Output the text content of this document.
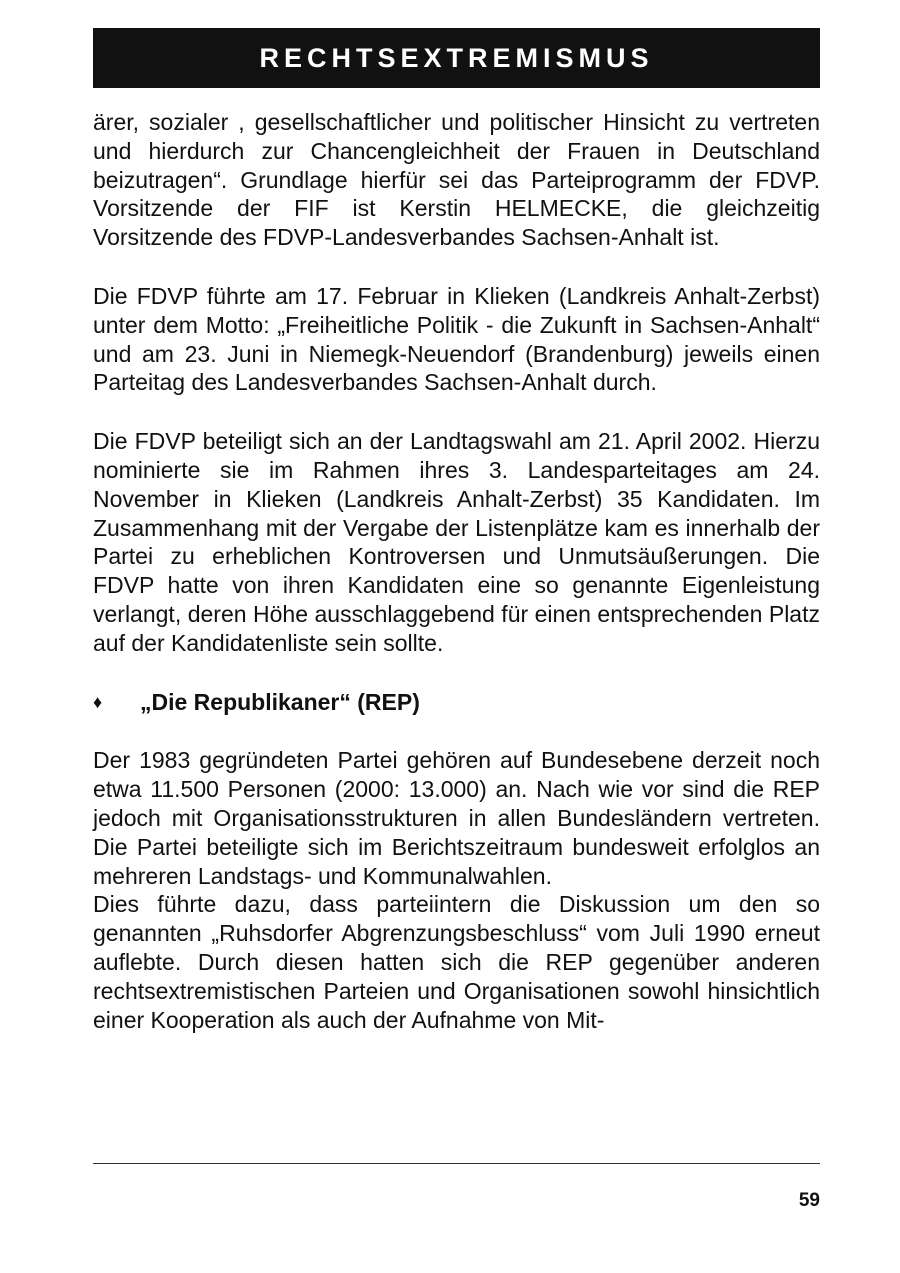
RECHTSEXTREMISMUS

ärer, sozialer , gesellschaftlicher und politischer Hinsicht zu vertreten und hierdurch zur Chancengleichheit der Frauen in Deutschland beizutragen“. Grundlage hierfür sei das Parteiprogramm der FDVP. Vorsitzende der FIF ist Kerstin HELMECKE, die gleichzeitig Vorsitzende des FDVP-Landesverbandes Sachsen-Anhalt ist.

Die FDVP führte am 17. Februar in Klieken (Landkreis Anhalt-Zerbst) unter dem Motto: „Freiheitliche Politik - die Zukunft in Sachsen-Anhalt“ und am 23. Juni in Niemegk-Neuendorf (Brandenburg) jeweils einen Parteitag des Landesverbandes Sachsen-Anhalt durch.

Die FDVP beteiligt sich an der Landtagswahl am 21. April 2002. Hierzu nominierte sie im Rahmen ihres 3. Landesparteitages am 24. November in Klieken (Landkreis Anhalt-Zerbst) 35 Kandidaten. Im Zusammenhang mit der Vergabe der Listenplätze kam es innerhalb der Partei zu erheblichen Kontroversen und Unmutsäußerungen. Die FDVP hatte von ihren Kandidaten eine so genannte Eigenleistung verlangt, deren Höhe ausschlaggebend für einen entsprechenden Platz auf der Kandidatenliste sein sollte.

♦	„Die Republikaner“ (REP)

Der 1983 gegründeten Partei gehören auf Bundesebene derzeit noch etwa 11.500 Personen (2000: 13.000) an. Nach wie vor sind die REP jedoch mit Organisationsstrukturen in allen Bundesländern vertreten. Die Partei beteiligte sich im Berichtszeitraum bundesweit erfolglos an mehreren Landstags- und Kommunalwahlen.

Dies führte dazu, dass parteiintern die Diskussion um den so genannten „Ruhsdorfer Abgrenzungsbeschluss“ vom Juli 1990 erneut auflebte. Durch diesen hatten sich die REP gegenüber anderen rechtsextremistischen Parteien und Organisationen sowohl hinsichtlich einer Kooperation als auch der Aufnahme von Mit-

59
